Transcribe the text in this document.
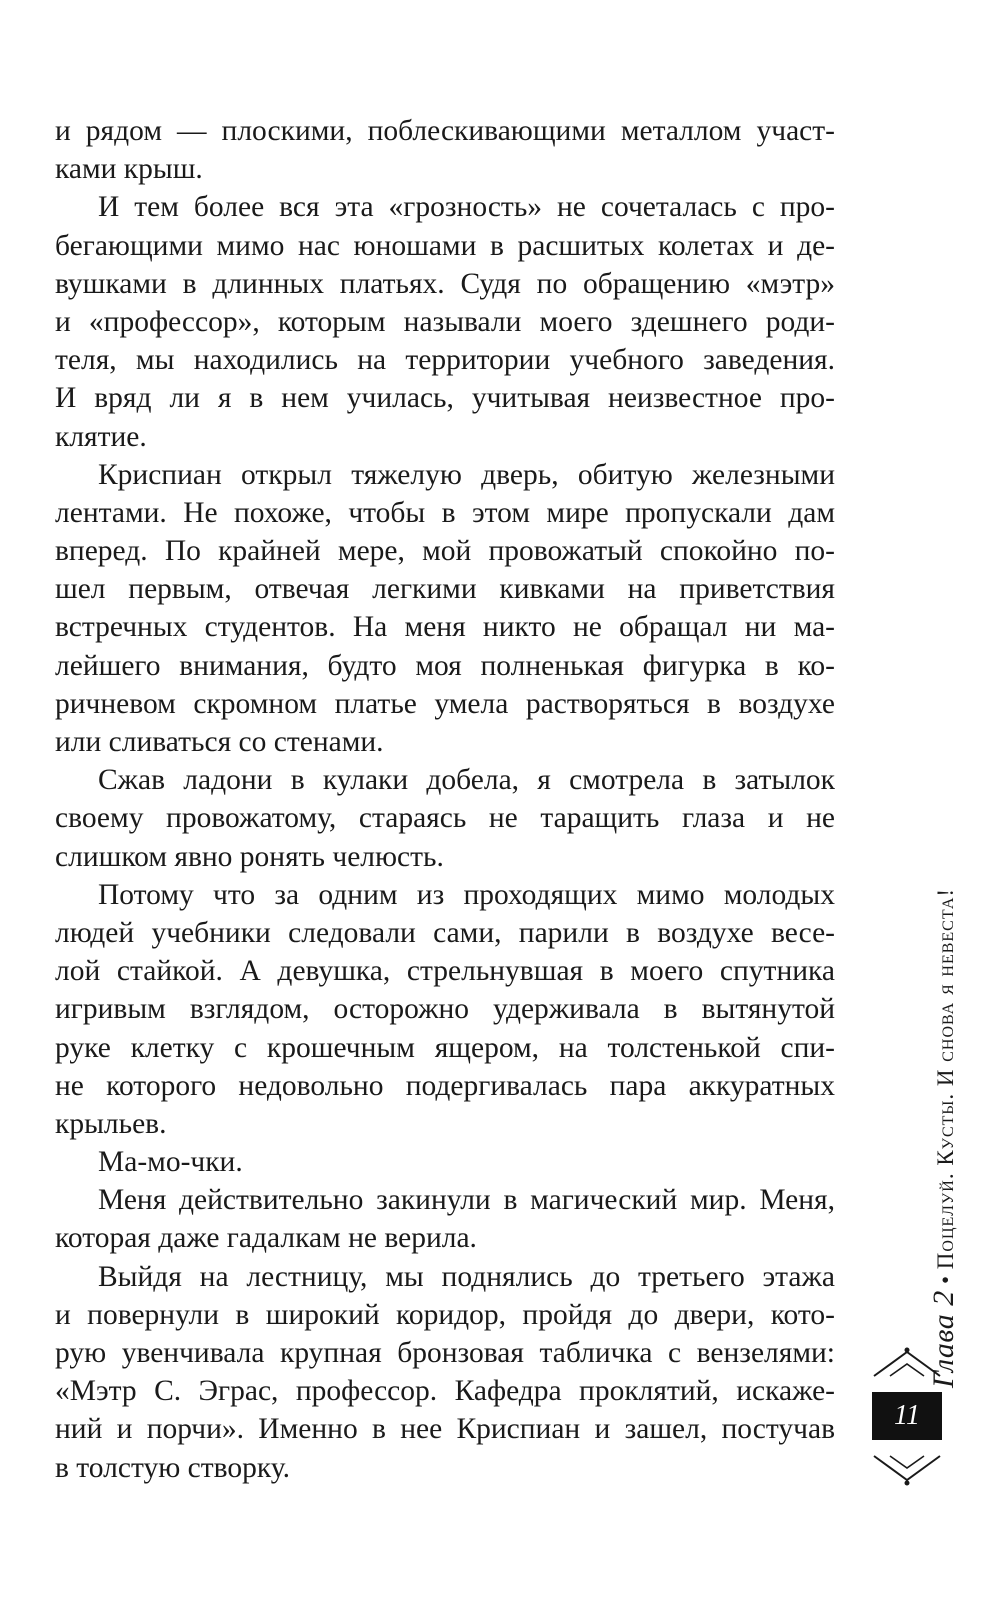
и рядом — плоскими, поблескивающими металлом участ-
ками крыш.
И тем более вся эта «грозность» не сочеталась с про-
бегающими мимо нас юношами в расшитых колетах и де-
вушками в длинных платьях. Судя по обращению «мэтр»
и «профессор», которым называли моего здешнего роди-
теля, мы находились на территории учебного заведения.
И вряд ли я в нем училась, учитывая неизвестное про-
клятие.
Криспиан открыл тяжелую дверь, обитую железными
лентами. Не похоже, чтобы в этом мире пропускали дам
вперед. По крайней мере, мой провожатый спокойно по-
шел первым, отвечая легкими кивками на приветствия
встречных студентов. На меня никто не обращал ни ма-
лейшего внимания, будто моя полненькая фигурка в ко-
ричневом скромном платье умела растворяться в воздухе
или сливаться со стенами.
Сжав ладони в кулаки добела, я смотрела в затылок
своему провожатому, стараясь не таращить глаза и не
слишком явно ронять челюсть.
Потому что за одним из проходящих мимо молодых
людей учебники следовали сами, парили в воздухе весе-
лой стайкой. А девушка, стрельнувшая в моего спутника
игривым взглядом, осторожно удерживала в вытянутой
руке клетку с крошечным ящером, на толстенькой спи-
не которого недовольно подергивалась пара аккуратных
крыльев.
Ма-мо-чки.
Меня действительно закинули в магический мир. Меня,
которая даже гадалкам не верила.
Выйдя на лестницу, мы поднялись до третьего этажа
и повернули в широкий коридор, пройдя до двери, кото-
рую увенчивала крупная бронзовая табличка с вензелями:
«Мэтр С. Эграс, профессор. Кафедра проклятий, искаже-
ний и порчи». Именно в нее Криспиан и зашел, постучав
в толстую створку.
Глава 2 • Поцелуй. Кусты. И снова я невеста!
11
